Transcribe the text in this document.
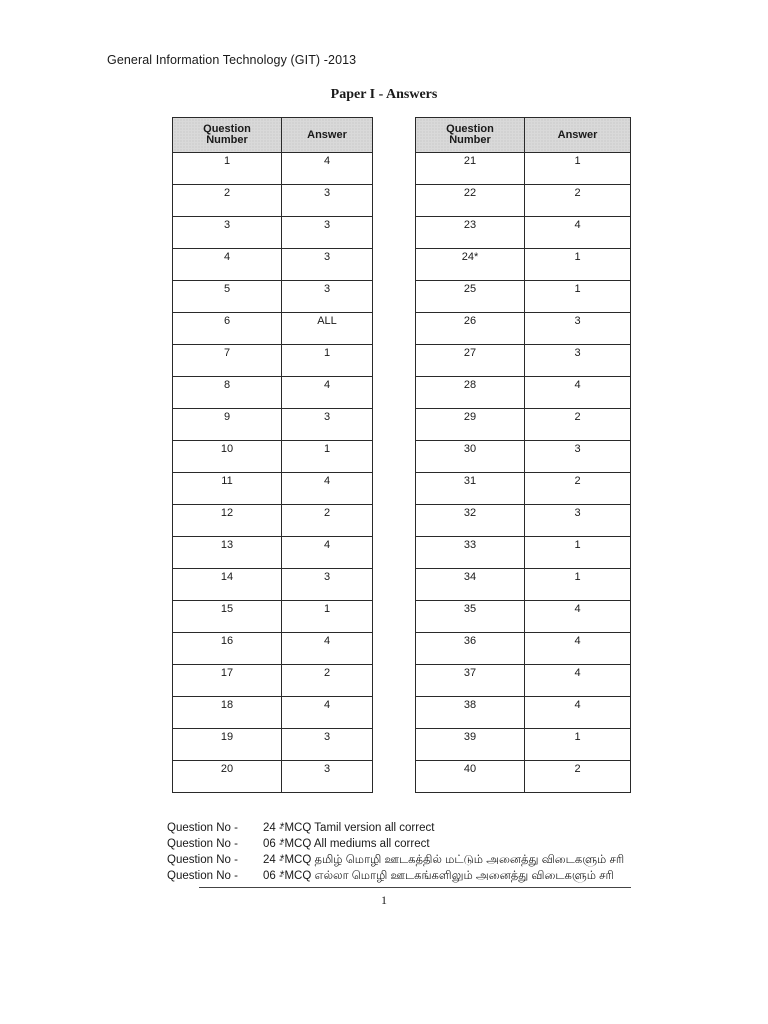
General Information Technology (GIT) -2013
Paper I - Answers
Question
Number	Answer
1	4
2	3
3	3
4	3
5	3
6	ALL
7	1
8	4
9	3
10	1
11	4
12	2
13	4
14	3
15	1
16	4
17	2
18	4
19	3
20	3
Question
Number	Answer
21	1
22	2
23	4
24*	1
25	1
26	3
27	3
28	4
29	2
30	3
31	2
32	3
33	1
34	1
35	4
36	4
37	4
38	4
39	1
40	2
Question No - 24 -*MCQ Tamil version all correct
Question No - 06 -*MCQ All mediums all correct
Question No - 24 -*MCQ தமிழ் மொழி ஊடகத்தில் மட்டும் அனைத்து விடைகளும் சரி
Question No - 06 -*MCQ எல்லா மொழி ஊடகங்களிலும் அனைத்து விடைகளும் சரி
1
